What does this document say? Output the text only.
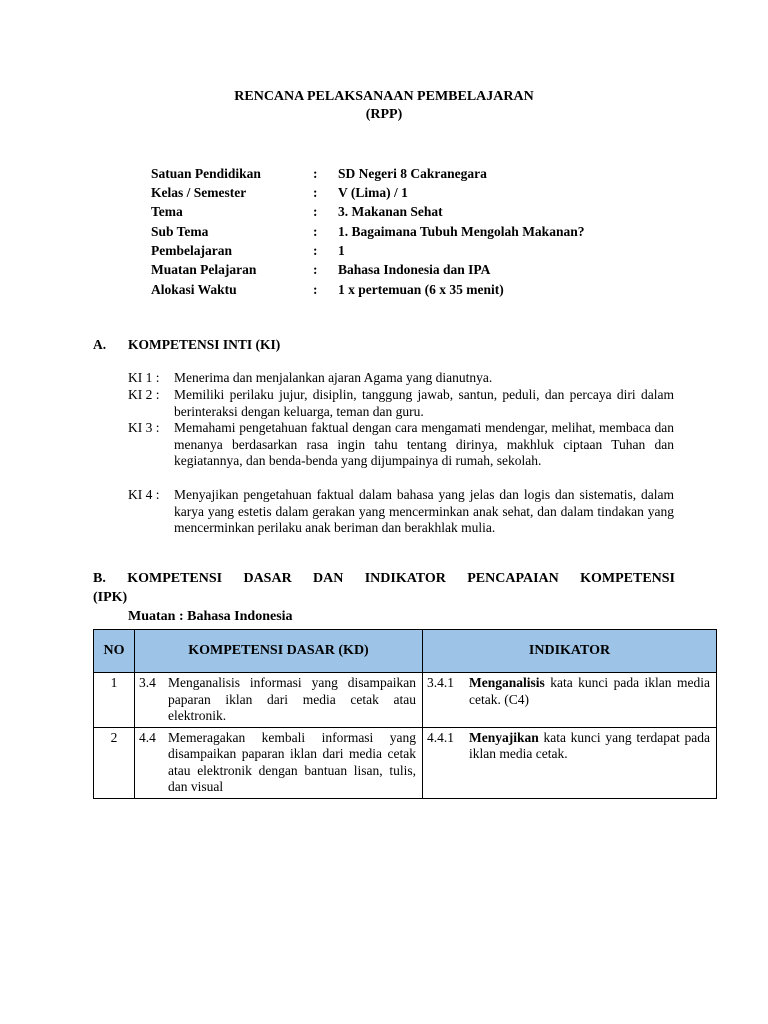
RENCANA PELAKSANAAN PEMBELAJARAN
(RPP)
Satuan Pendidikan	: SD Negeri 8 Cakranegara
Kelas / Semester	: V (Lima) / 1
Tema	: 3. Makanan Sehat
Sub Tema	: 1. Bagaimana Tubuh Mengolah Makanan?
Pembelajaran	: 1
Muatan Pelajaran	: Bahasa Indonesia dan IPA
Alokasi Waktu	: 1 x pertemuan (6 x 35 menit)
A. KOMPETENSI INTI (KI)
KI 1 : Menerima dan menjalankan ajaran Agama yang dianutnya.
KI 2 : Memiliki perilaku jujur, disiplin, tanggung jawab, santun, peduli, dan percaya diri dalam berinteraksi dengan keluarga, teman dan guru.
KI 3 : Memahami pengetahuan faktual dengan cara mengamati mendengar, melihat, membaca dan menanya berdasarkan rasa ingin tahu tentang dirinya, makhluk ciptaan Tuhan dan kegiatannya, dan benda-benda yang dijumpainya di rumah, sekolah.
KI 4 : Menyajikan pengetahuan faktual dalam bahasa yang jelas dan logis dan sistematis, dalam karya yang estetis dalam gerakan yang mencerminkan anak sehat, dan dalam tindakan yang mencerminkan perilaku anak beriman dan berakhlak mulia.
B. KOMPETENSI DASAR DAN INDIKATOR PENCAPAIAN KOMPETENSI
(IPK)
Muatan : Bahasa Indonesia
NO	KOMPETENSI DASAR (KD)	INDIKATOR

1	3.4 Menganalisis informasi yang disampaikan paparan iklan dari media cetak atau elektronik.	3.4.1 Menganalisis kata kunci pada iklan media cetak. (C4)

2	4.4 Memeragakan kembali informasi yang disampaikan paparan iklan dari media cetak atau elektronik dengan bantuan lisan, tulis, dan visual	4.4.1 Menyajikan kata kunci yang terdapat pada iklan media cetak.
